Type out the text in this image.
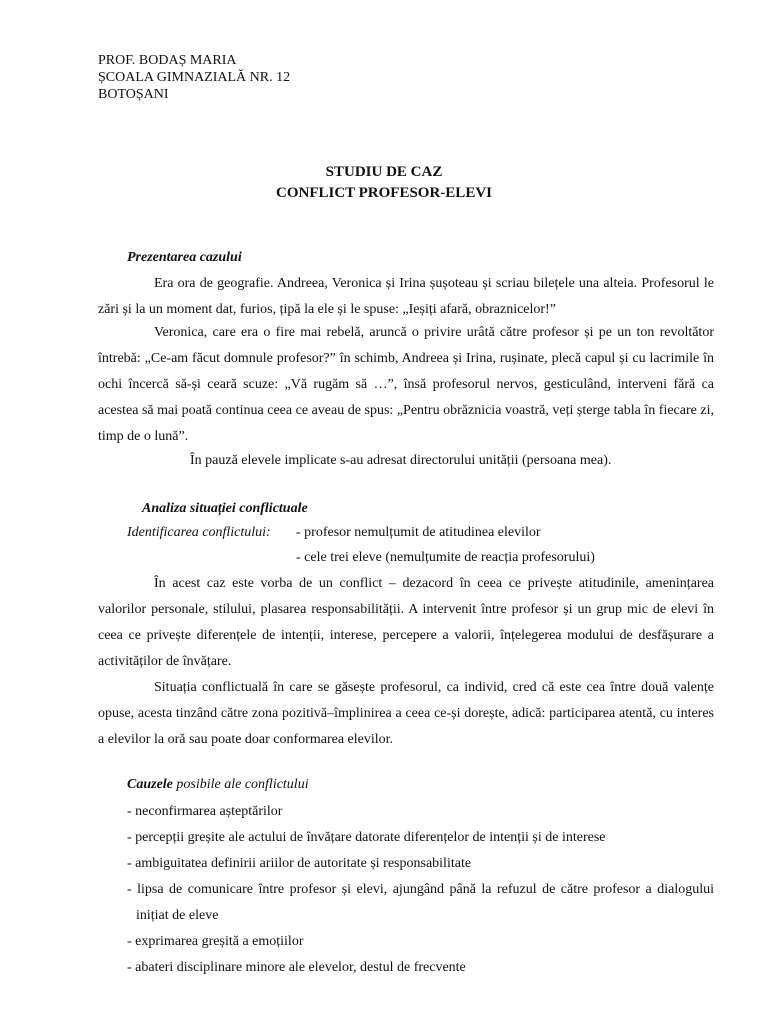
PROF. BODAȘ MARIA
ȘCOALA GIMNAZIALĂ NR. 12
BOTOȘANI
STUDIU DE CAZ
CONFLICT PROFESOR-ELEVI
Prezentarea cazului

Era ora de geografie. Andreea, Veronica și Irina șușoteau și scriau bilețele una alteia. Profesorul le zări și la un moment dat, furios, țipă la ele și le spuse: „Ieșiți afară, obraznicelor!”

Veronica, care era o fire mai rebelă, aruncă o privire urâtă către profesor și pe un ton revoltător întrebă: „Ce-am făcut domnule profesor?” în schimb, Andreea și Irina, rușinate, plecă capul și cu lacrimile în ochi încercă să-și ceară scuze: „Vă rugăm să …”, însă profesorul nervos, gesticulând, interveni fără ca acestea să mai poată continua ceea ce aveau de spus: „Pentru obrăznicia voastră, veți șterge tabla în fiecare zi, timp de o lună”.

În pauză elevele implicate s-au adresat directorului unității (persoana mea).
Analiza situației conflictuale
Identificarea conflictului: - profesor nemulțumit de atitudinea elevilor
- cele trei eleve (nemulțumite de reacția profesorului)

În acest caz este vorba de un conflict – dezacord în ceea ce privește atitudinile, amenințarea valorilor personale, stilului, plasarea responsabilității. A intervenit între profesor și un grup mic de elevi în ceea ce privește diferențele de intenții, interese, percepere a valorii, înțelegerea modului de desfășurare a activităților de învățare.

Situația conflictuală în care se găsește profesorul, ca individ, cred că este cea între două valențe opuse, acesta tinzând către zona pozitivă–împlinirea a ceea ce-și dorește, adică: participarea atentă, cu interes a elevilor la oră sau poate doar conformarea elevilor.

Cauzele posibile ale conflictului
- neconfirmarea așteptărilor
- percepții greșite ale actului de învățare datorate diferențelor de intenții și de interese
- ambiguitatea definirii ariilor de autoritate și responsabilitate
- lipsa de comunicare între profesor și elevi, ajungând până la refuzul de către profesor a dialogului inițiat de eleve
- exprimarea greșită a emoțiilor
- abateri disciplinare minore ale elevelor, destul de frecvente
